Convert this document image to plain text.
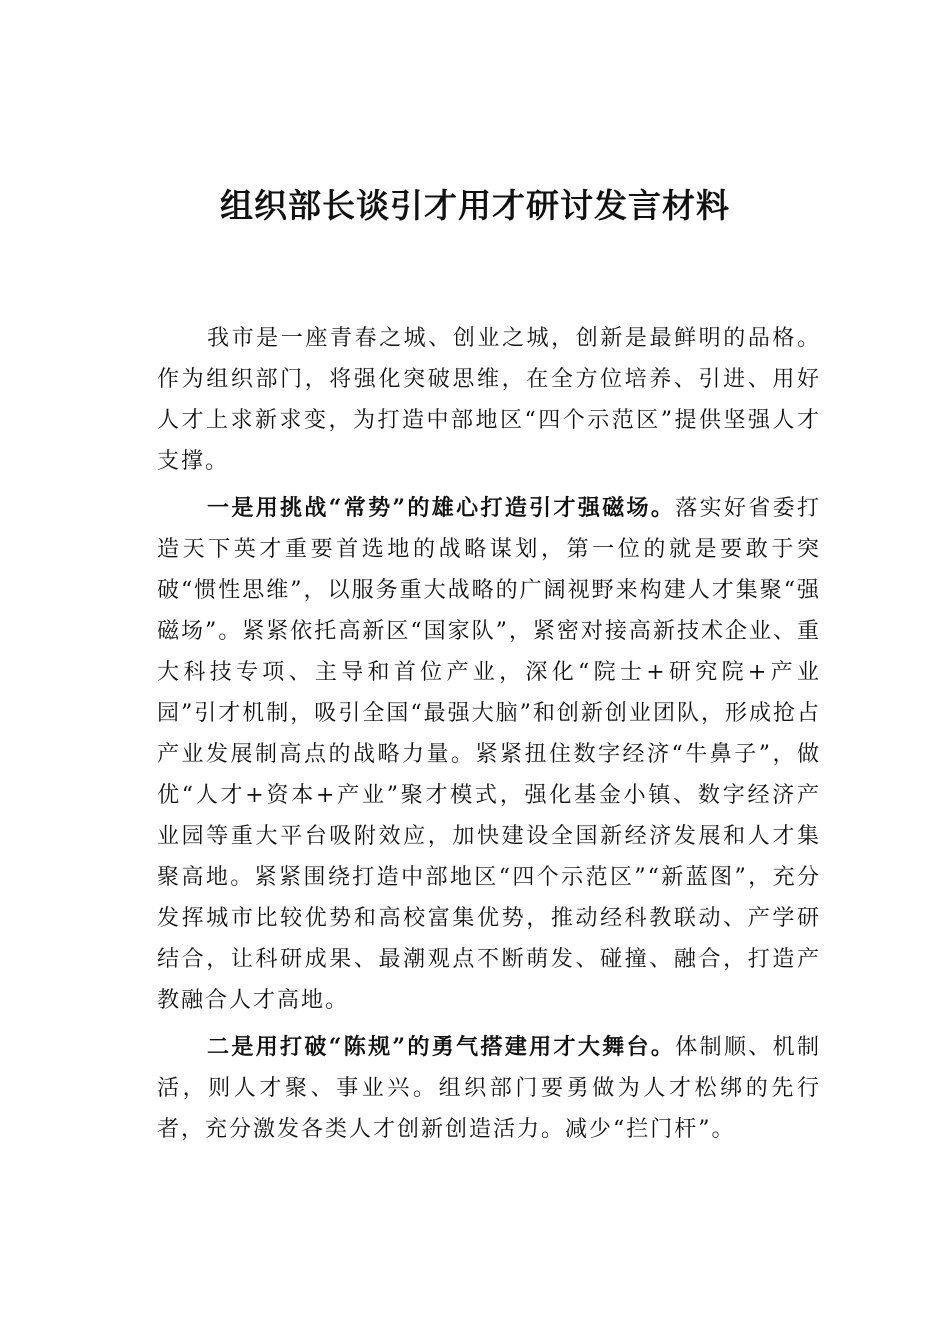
组织部长谈引才用才研讨发言材料

我市是一座青春之城、创业之城，创新是最鲜明的品格。作为组织部门，将强化突破思维，在全方位培养、引进、用好人才上求新求变，为打造中部地区“四个示范区”提供坚强人才支撑。

一是用挑战“常势”的雄心打造引才强磁场。落实好省委打造天下英才重要首选地的战略谋划，第一位的就是要敢于突破“惯性思维”，以服务重大战略的广阔视野来构建人才集聚“强磁场”。紧紧依托高新区“国家队”，紧密对接高新技术企业、重大科技专项、主导和首位产业，深化“院士+研究院+产业园”引才机制，吸引全国“最强大脑”和创新创业团队，形成抢占产业发展制高点的战略力量。紧紧扭住数字经济“牛鼻子”，做优“人才+资本+产业”聚才模式，强化基金小镇、数字经济产业园等重大平台吸附效应，加快建设全国新经济发展和人才集聚高地。紧紧围绕打造中部地区“四个示范区”“新蓝图”，充分发挥城市比较优势和高校富集优势，推动经科教联动、产学研结合，让科研成果、最潮观点不断萌发、碰撞、融合，打造产教融合人才高地。

二是用打破“陈规”的勇气搭建用才大舞台。体制顺、机制活，则人才聚、事业兴。组织部门要勇做为人才松绑的先行者，充分激发各类人才创新创造活力。减少“拦门杆”。
